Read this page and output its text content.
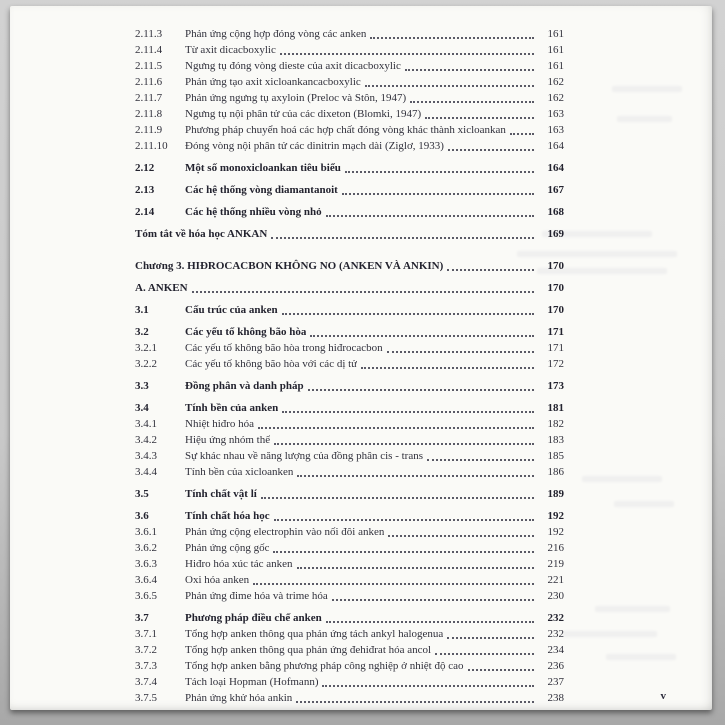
2.11.3	Phản ứng cộng hợp đóng vòng các anken	161
2.11.4	Từ axit dicacboxylic	161
2.11.5	Ngưng tụ đóng vòng dieste của axit dicacboxylic	161
2.11.6	Phản ứng tạo axit xicloankancacboxylic	162
2.11.7	Phản ứng ngưng tụ axyloin (Preloc và Stôn, 1947)	162
2.11.8	Ngưng tụ nội phân tử của các dixeton (Blomki, 1947)	163
2.11.9	Phương pháp chuyển hoá các hợp chất đóng vòng khác thành xicloankan	163
2.11.10	Đóng vòng nội phân tử các dinitrin mạch dài (Ziglơ, 1933)	164
2.12	Một số monoxicloankan tiêu biểu	164
2.13	Các hệ thống vòng diamantanoit	167
2.14	Các hệ thống nhiều vòng nhỏ	168
Tóm tắt về hóa học ANKAN	169
Chương 3. HIĐROCACBON KHÔNG NO (ANKEN VÀ ANKIN)	170
A. ANKEN	170
3.1	Cấu trúc của anken	170
3.2	Các yếu tố không bão hòa	171
3.2.1	Các yếu tố không bão hòa trong hiđrocacbon	171
3.2.2	Các yếu tố không bão hòa với các dị tử	172
3.3	Đồng phân và danh pháp	173
3.4	Tính bền của anken	181
3.4.1	Nhiệt hiđro hóa	182
3.4.2	Hiệu ứng nhóm thế	183
3.4.3	Sự khác nhau về năng lượng của đồng phân cis - trans	185
3.4.4	Tính bền của xicloanken	186
3.5	Tính chất vật lí	189
3.6	Tính chất hóa học	192
3.6.1	Phản ứng cộng electrophin vào nối đôi anken	192
3.6.2	Phản ứng cộng gốc	216
3.6.3	Hiđro hóa xúc tác anken	219
3.6.4	Oxi hóa anken	221
3.6.5	Phản ứng đime hóa và trime hóa	230
3.7	Phương pháp điều chế anken	232
3.7.1	Tổng hợp anken thông qua phản ứng tách ankyl halogenua	232
3.7.2	Tổng hợp anken thông qua phản ứng đehiđrat hóa ancol	234
3.7.3	Tổng hợp anken bằng phương pháp công nghiệp ở nhiệt độ cao	236
3.7.4	Tách loại Hopman (Hofmann)	237
3.7.5	Phản ứng khử hóa ankin	238	v
